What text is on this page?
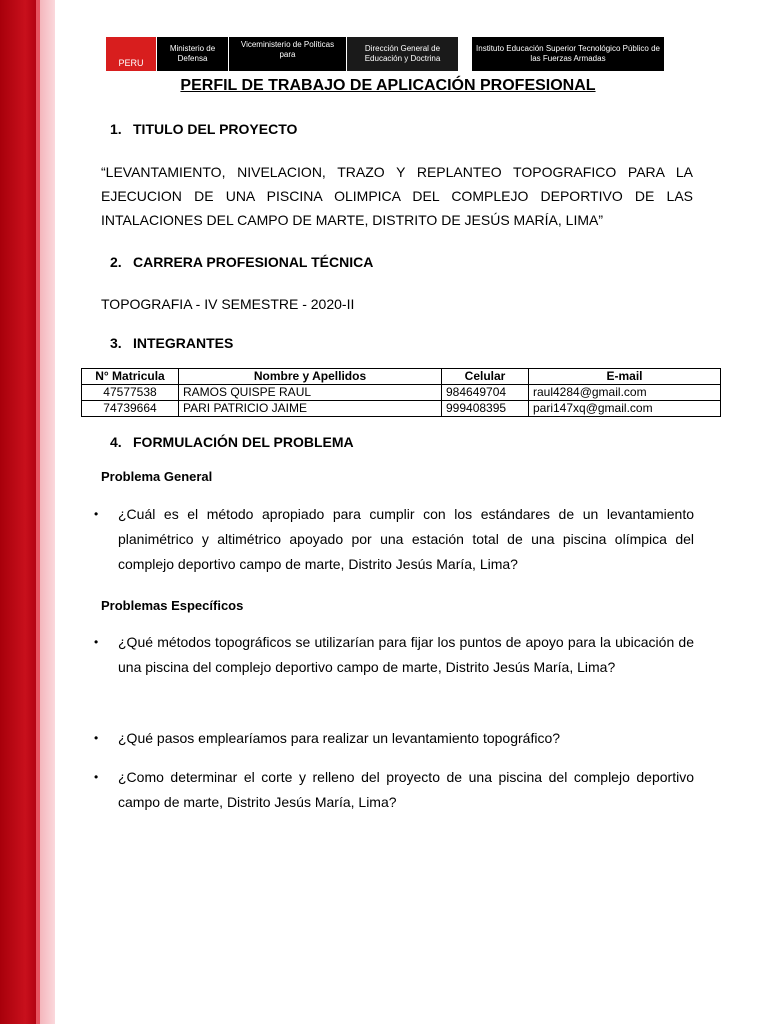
PERU
Ministerio de Defensa
Viceministerio de Políticas para
Dirección General de Educación y Doctrina
Instituto Educación Superior Tecnológico Público de las Fuerzas Armadas
PERFIL DE TRABAJO DE APLICACIÓN PROFESIONAL
1. TITULO DEL PROYECTO
“LEVANTAMIENTO, NIVELACION, TRAZO Y REPLANTEO TOPOGRAFICO PARA LA EJECUCION DE UNA PISCINA OLIMPICA DEL COMPLEJO DEPORTIVO DE LAS INTALACIONES DEL CAMPO DE MARTE, DISTRITO DE JESÚS MARÍA, LIMA”
2. CARRERA PROFESIONAL TÉCNICA
TOPOGRAFIA - IV SEMESTRE - 2020-II
3. INTEGRANTES
N° Matricula	Nombre y Apellidos	Celular	E-mail
47577538	RAMOS QUISPE RAUL	984649704	raul4284@gmail.com
74739664	PARI PATRICIO JAIME	999408395	pari147xq@gmail.com
4. FORMULACIÓN DEL PROBLEMA
Problema General
• ¿Cuál es el método apropiado para cumplir con los estándares de un levantamiento planimétrico y altimétrico apoyado por una estación total de una piscina olímpica del complejo deportivo campo de marte, Distrito Jesús María, Lima?
Problemas Específicos
• ¿Qué métodos topográficos se utilizarían para fijar los puntos de apoyo para la ubicación de una piscina del complejo deportivo campo de marte, Distrito Jesús María, Lima?
• ¿Qué pasos emplearíamos para realizar un levantamiento topográfico?
• ¿Como determinar el corte y relleno del proyecto de una piscina del complejo deportivo campo de marte, Distrito Jesús María, Lima?
